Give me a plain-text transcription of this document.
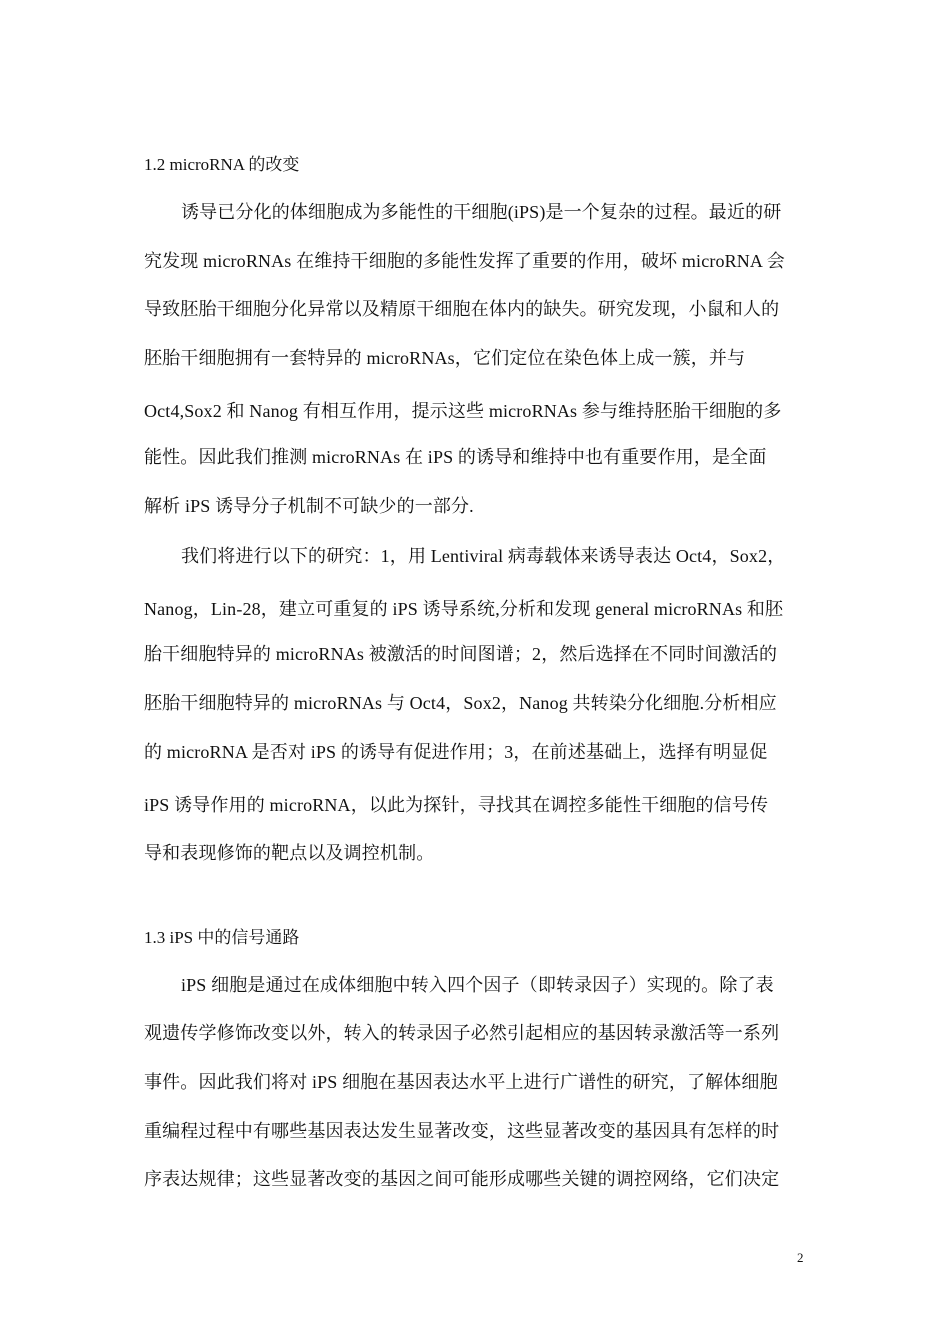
1.2 microRNA 的改变
诱导已分化的体细胞成为多能性的干细胞(iPS)是一个复杂的过程。最近的研
究发现 microRNAs 在维持干细胞的多能性发挥了重要的作用，破坏 microRNA 会
导致胚胎干细胞分化异常以及精原干细胞在体内的缺失。研究发现，小鼠和人的
胚胎干细胞拥有一套特异的 microRNAs，它们定位在染色体上成一簇，并与
Oct4,Sox2 和 Nanog 有相互作用，提示这些 microRNAs 参与维持胚胎干细胞的多
能性。因此我们推测 microRNAs 在 iPS 的诱导和维持中也有重要作用，是全面
解析 iPS 诱导分子机制不可缺少的一部分.
我们将进行以下的研究：1，用 Lentiviral 病毒载体来诱导表达 Oct4，Sox2，
Nanog，Lin-28，建立可重复的 iPS 诱导系统,分析和发现 general microRNAs 和胚
胎干细胞特异的 microRNAs 被激活的时间图谱；2，然后选择在不同时间激活的
胚胎干细胞特异的 microRNAs 与 Oct4，Sox2，Nanog 共转染分化细胞.分析相应
的 microRNA 是否对 iPS 的诱导有促进作用；3，在前述基础上，选择有明显促
iPS 诱导作用的 microRNA，以此为探针，寻找其在调控多能性干细胞的信号传
导和表现修饰的靶点以及调控机制。
1.3 iPS 中的信号通路
iPS 细胞是通过在成体细胞中转入四个因子（即转录因子）实现的。除了表
观遗传学修饰改变以外，转入的转录因子必然引起相应的基因转录激活等一系列
事件。因此我们将对 iPS 细胞在基因表达水平上进行广谱性的研究，了解体细胞
重编程过程中有哪些基因表达发生显著改变，这些显著改变的基因具有怎样的时
序表达规律；这些显著改变的基因之间可能形成哪些关键的调控网络，它们决定
2
